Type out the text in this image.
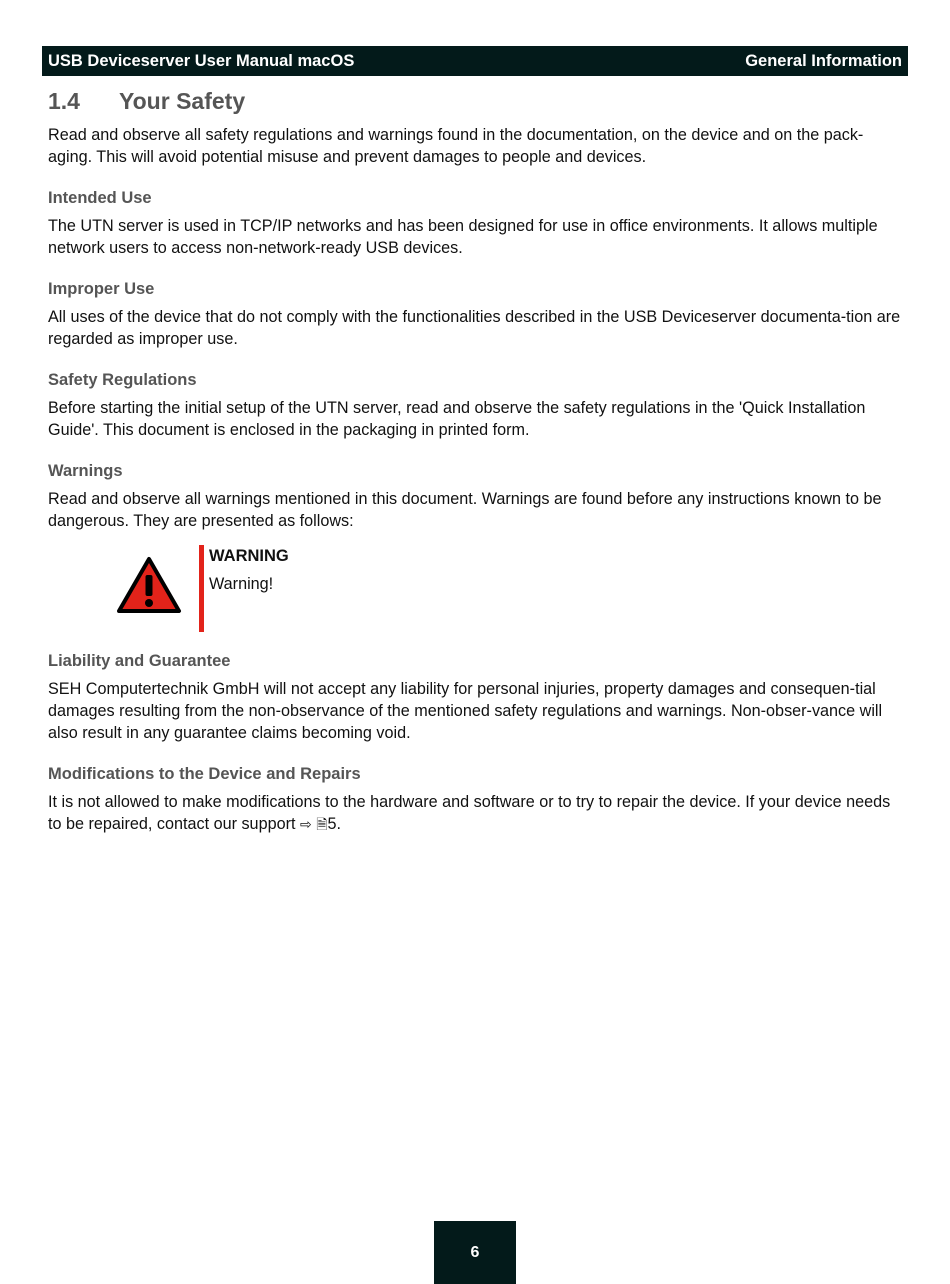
USB Deviceserver User Manual macOS	General Information
1.4 Your Safety

Read and observe all safety regulations and warnings found in the documentation, on the device and on the pack-aging. This will avoid potential misuse and prevent damages to people and devices.

Intended Use

The UTN server is used in TCP/IP networks and has been designed for use in office environments. It allows multiple network users to access non-network-ready USB devices.

Improper Use

All uses of the device that do not comply with the functionalities described in the USB Deviceserver documenta-tion are regarded as improper use.

Safety Regulations

Before starting the initial setup of the UTN server, read and observe the safety regulations in the 'Quick Installation Guide'. This document is enclosed in the packaging in printed form.

Warnings

Read and observe all warnings mentioned in this document. Warnings are found before any instructions known to be dangerous. They are presented as follows:

WARNING
Warning!
Liability and Guarantee

SEH Computertechnik GmbH will not accept any liability for personal injuries, property damages and consequen-tial damages resulting from the non-observance of the mentioned safety regulations and warnings. Non-obser-vance will also result in any guarantee claims becoming void.

Modifications to the Device and Repairs

It is not allowed to make modifications to the hardware and software or to try to repair the device. If your device needs to be repaired, contact our support ⇨ 🗎5.

6
